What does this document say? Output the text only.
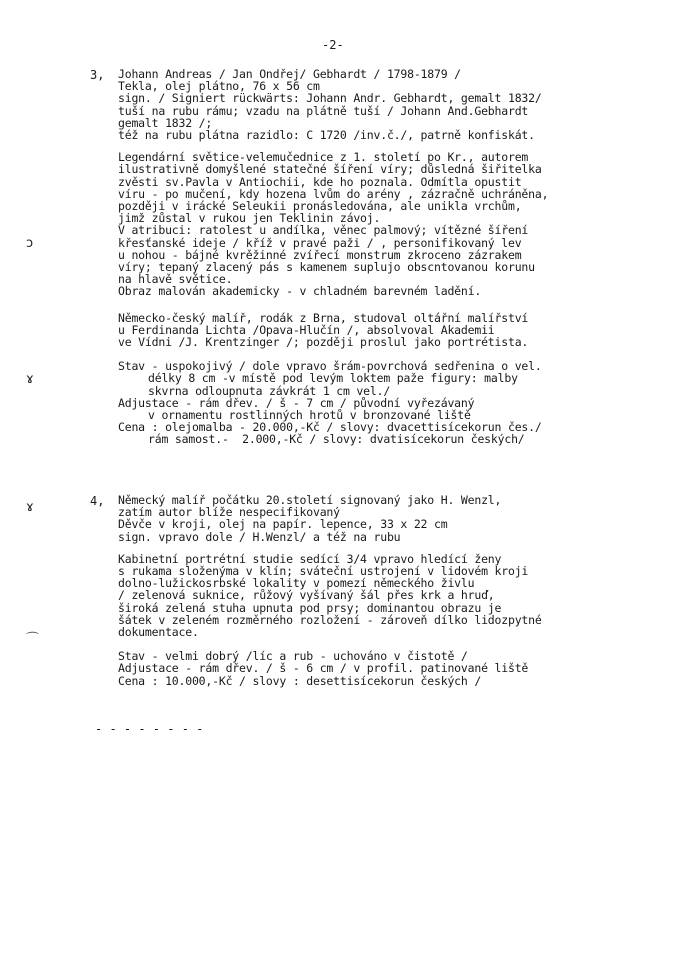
-2-
ↄ
ɤ
ɤ
⌒
3, Johann Andreas / Jan Ondřej/ Gebhardt / 1798-1879 /
Tekla, olej plátno, 76 x 56 cm
sign. / Signiert rückwärts: Johann Andr. Gebhardt, gemalt 1832/
tuší na rubu rámu; vzadu na plátně tuší / Johann And.Gebhardt
gemalt 1832 /;
též na rubu plátna razidlo: C 1720 /inv.č./, patrně konfiskát.
Legendární světice-velemučednice z 1. století po Kr., autorem
ilustrativně domyšlené statečné šíření víry; důsledná šiřitelka
zvěsti sv.Pavla v Antiochii, kde ho poznala. Odmítla opustit
víru - po mučení, kdy hozena lvům do arény , zázračně uchráněna,
později v irácké Seleukii pronásledována, ale unikla vrchům,
jimž zůstal v rukou jen Teklinin závoj.
V atribuci: ratolest u andílka, věnec palmový; vítězné šíření
křesťanské ideje / kříž v pravé paži / , personifikovaný lev
u nohou - bájné kvrěžinné zvířecí monstrum zkroceno zázrakem
víry; tepaný zlacený pás s kamenem suplujo obscntovanou korunu
na hlavě světice.
Obraz malován akademicky - v chladném barevném ladění.
Německo-český malíř, rodák z Brna, studoval oltářní malířství
u Ferdinanda Lichta /Opava-Hlučín /, absolvoval Akademii
ve Vídni /J. Krentzinger /; později proslul jako portrétista.
Stav - uspokojivý / dole vpravo šrám-povrchová sedřenina o vel.
délky 8 cm -v místě pod levým loktem paže figury: malby
skvrna odloupnuta závkrát 1 cm vel./
Adjustace - rám dřev. / š - 7 cm / původní vyřezávaný
v ornamentu rostlinných hrotů v bronzované liště
Cena : olejomalba - 20.000,-Kč / slovy: dvacettisícekorun čes./
rám samost.-  2.000,-Kč / slovy: dvatisícekorun českých/
4, Německý malíř počátku 20.století signovaný jako H. Wenzl,
zatím autor blíže nespecifikovaný
Děvče v kroji, olej na papír. lepence, 33 x 22 cm
sign. vpravo dole / H.Wenzl/ a též na rubu
Kabinetní portrétní studie sedící 3/4 vpravo hledící ženy
s rukama složenýma v klín; sváteční ustrojení v lidovém kroji
dolno-lužickosrbské lokality v pomezí německého živlu
/ zelenová suknice, růžový vyšívaný šál přes krk a hruď,
široká zelená stuha upnuta pod prsy; dominantou obrazu je
šátek v zeleném rozměrného rozložení - zároveň dílko lidozpytné
dokumentace.
Stav - velmi dobrý /líc a rub - uchováno v čistotě /
Adjustace - rám dřev. / š - 6 cm / v profil. patinované liště
Cena : 10.000,-Kč / slovy : desettisícekorun českých /
- - - - - - - -
